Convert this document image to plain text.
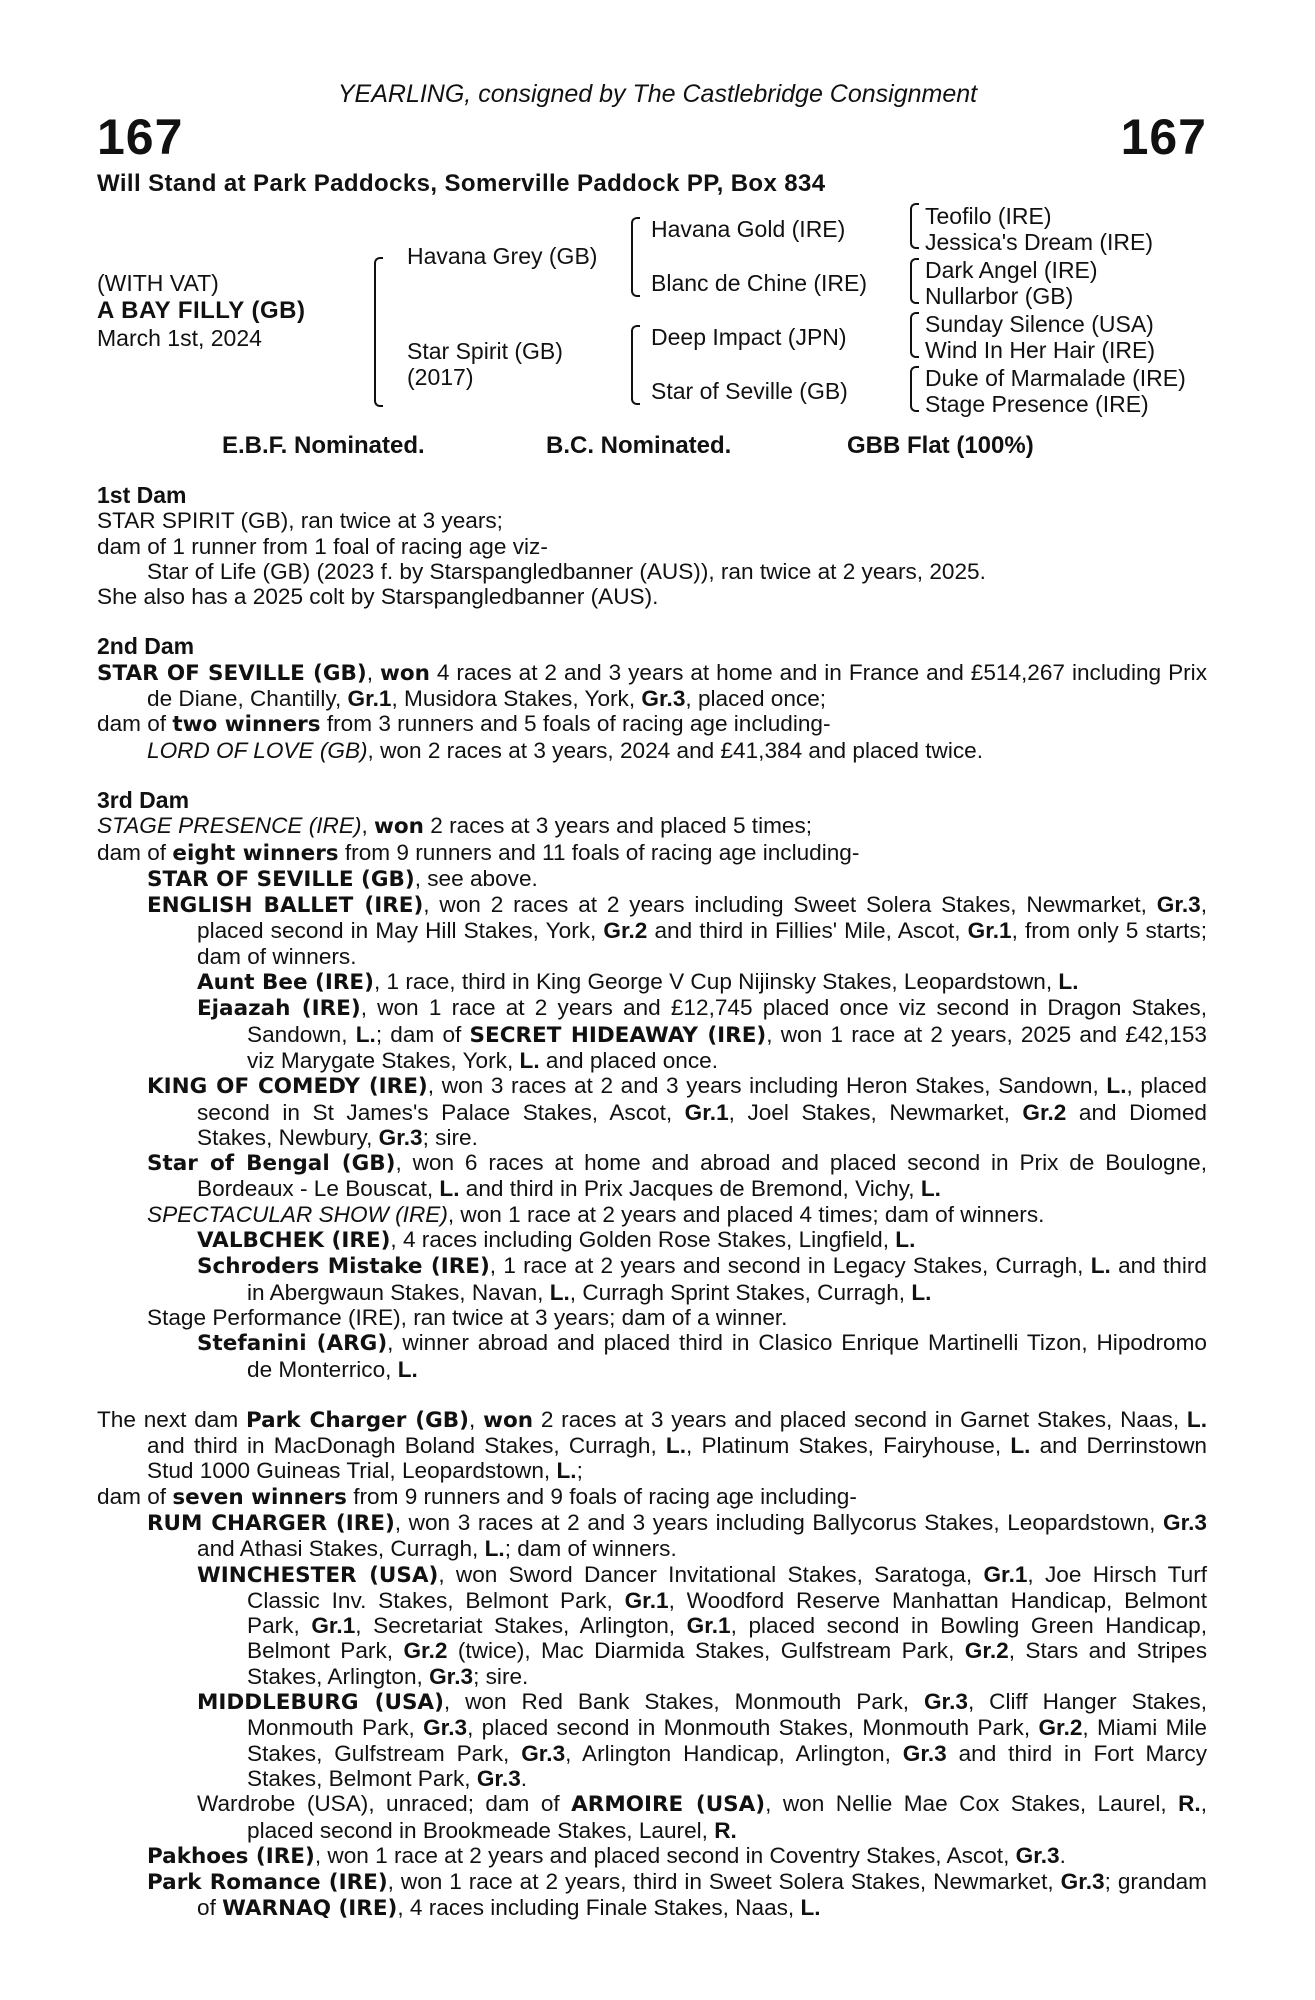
YEARLING, consigned by The Castlebridge Consignment
167	167
Will Stand at Park Paddocks, Somerville Paddock PP, Box 834
(WITH VAT)
A BAY FILLY (GB)
March 1st, 2024
Havana Grey (GB)
Star Spirit (GB)
(2017)
Havana Gold (IRE)
Blanc de Chine (IRE)
Deep Impact (JPN)
Star of Seville (GB)
Teofilo (IRE)
Jessica's Dream (IRE)
Dark Angel (IRE)
Nullarbor (GB)
Sunday Silence (USA)
Wind In Her Hair (IRE)
Duke of Marmalade (IRE)
Stage Presence (IRE)
E.B.F. Nominated.	B.C. Nominated.	GBB Flat (100%)

1st Dam

STAR SPIRIT (GB), ran twice at 3 years;

dam of 1 runner from 1 foal of racing age viz-

Star of Life (GB) (2023 f. by Starspangledbanner (AUS)), ran twice at 2 years, 2025.

She also has a 2025 colt by Starspangledbanner (AUS).

2nd Dam

STAR OF SEVILLE (GB), won 4 races at 2 and 3 years at home and in France and £514,267 including Prix de Diane, Chantilly, Gr.1, Musidora Stakes, York, Gr.3, placed once;

dam of two winners from 3 runners and 5 foals of racing age including-

LORD OF LOVE (GB), won 2 races at 3 years, 2024 and £41,384 and placed twice.

3rd Dam

STAGE PRESENCE (IRE), won 2 races at 3 years and placed 5 times;

dam of eight winners from 9 runners and 11 foals of racing age including-

STAR OF SEVILLE (GB), see above.

ENGLISH BALLET (IRE), won 2 races at 2 years including Sweet Solera Stakes, Newmarket, Gr.3, placed second in May Hill Stakes, York, Gr.2 and third in Fillies' Mile, Ascot, Gr.1, from only 5 starts; dam of winners.

Aunt Bee (IRE), 1 race, third in King George V Cup Nijinsky Stakes, Leopardstown, L.

Ejaazah (IRE), won 1 race at 2 years and £12,745 placed once viz second in Dragon Stakes, Sandown, L.; dam of SECRET HIDEAWAY (IRE), won 1 race at 2 years, 2025 and £42,153 viz Marygate Stakes, York, L. and placed once.

KING OF COMEDY (IRE), won 3 races at 2 and 3 years including Heron Stakes, Sandown, L., placed second in St James's Palace Stakes, Ascot, Gr.1, Joel Stakes, Newmarket, Gr.2 and Diomed Stakes, Newbury, Gr.3; sire.

Star of Bengal (GB), won 6 races at home and abroad and placed second in Prix de Boulogne, Bordeaux - Le Bouscat, L. and third in Prix Jacques de Bremond, Vichy, L.

SPECTACULAR SHOW (IRE), won 1 race at 2 years and placed 4 times; dam of winners.

VALBCHEK (IRE), 4 races including Golden Rose Stakes, Lingfield, L.

Schroders Mistake (IRE), 1 race at 2 years and second in Legacy Stakes, Curragh, L. and third in Abergwaun Stakes, Navan, L., Curragh Sprint Stakes, Curragh, L.

Stage Performance (IRE), ran twice at 3 years; dam of a winner.

Stefanini (ARG), winner abroad and placed third in Clasico Enrique Martinelli Tizon, Hipodromo de Monterrico, L.

The next dam Park Charger (GB), won 2 races at 3 years and placed second in Garnet Stakes, Naas, L. and third in MacDonagh Boland Stakes, Curragh, L., Platinum Stakes, Fairyhouse, L. and Derrinstown Stud 1000 Guineas Trial, Leopardstown, L.;

dam of seven winners from 9 runners and 9 foals of racing age including-

RUM CHARGER (IRE), won 3 races at 2 and 3 years including Ballycorus Stakes, Leopardstown, Gr.3 and Athasi Stakes, Curragh, L.; dam of winners.

WINCHESTER (USA), won Sword Dancer Invitational Stakes, Saratoga, Gr.1, Joe Hirsch Turf Classic Inv. Stakes, Belmont Park, Gr.1, Woodford Reserve Manhattan Handicap, Belmont Park, Gr.1, Secretariat Stakes, Arlington, Gr.1, placed second in Bowling Green Handicap, Belmont Park, Gr.2 (twice), Mac Diarmida Stakes, Gulfstream Park, Gr.2, Stars and Stripes Stakes, Arlington, Gr.3; sire.

MIDDLEBURG (USA), won Red Bank Stakes, Monmouth Park, Gr.3, Cliff Hanger Stakes, Monmouth Park, Gr.3, placed second in Monmouth Stakes, Monmouth Park, Gr.2, Miami Mile Stakes, Gulfstream Park, Gr.3, Arlington Handicap, Arlington, Gr.3 and third in Fort Marcy Stakes, Belmont Park, Gr.3.

Wardrobe (USA), unraced; dam of ARMOIRE (USA), won Nellie Mae Cox Stakes, Laurel, R., placed second in Brookmeade Stakes, Laurel, R.

Pakhoes (IRE), won 1 race at 2 years and placed second in Coventry Stakes, Ascot, Gr.3.

Park Romance (IRE), won 1 race at 2 years, third in Sweet Solera Stakes, Newmarket, Gr.3; grandam of WARNAQ (IRE), 4 races including Finale Stakes, Naas, L.
